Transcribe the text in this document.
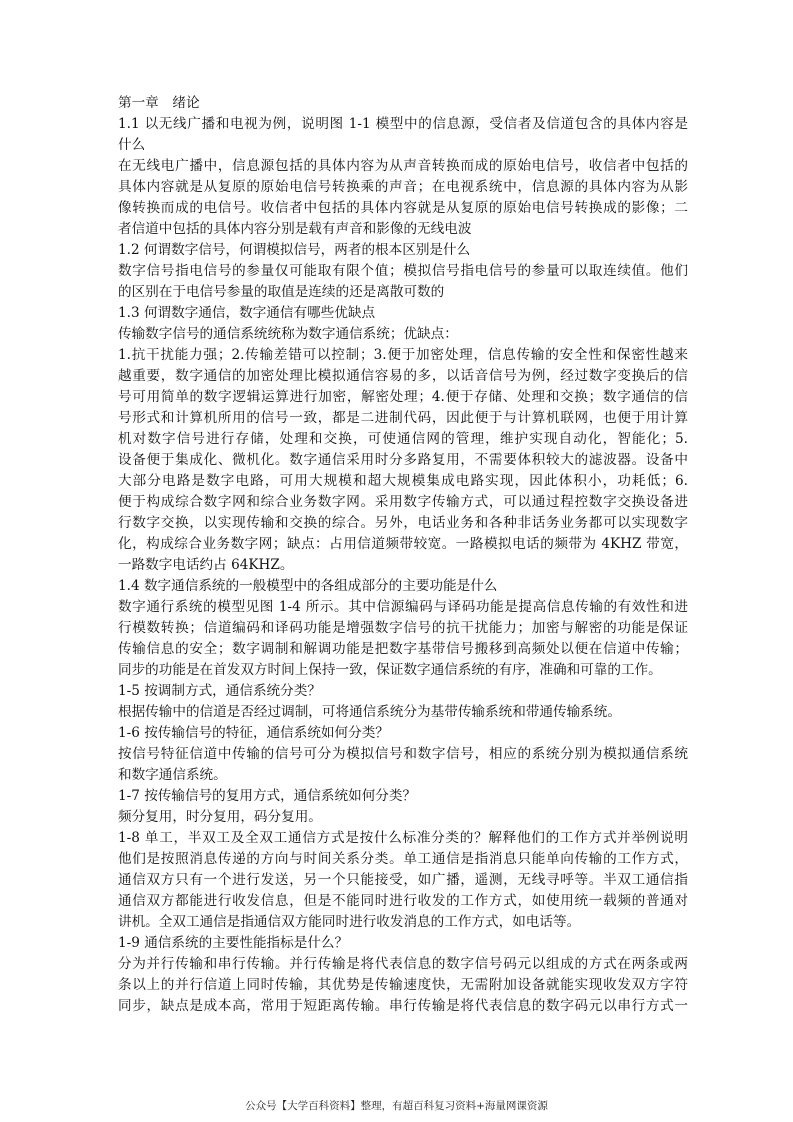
第一章　绪论
1.1 以无线广播和电视为例，说明图 1-1 模型中的信息源，受信者及信道包含的具体内容是
什么
在无线电广播中，信息源包括的具体内容为从声音转换而成的原始电信号，收信者中包括的
具体内容就是从复原的原始电信号转换乘的声音；在电视系统中，信息源的具体内容为从影
像转换而成的电信号。收信者中包括的具体内容就是从复原的原始电信号转换成的影像；二
者信道中包括的具体内容分别是载有声音和影像的无线电波
1.2 何谓数字信号，何谓模拟信号，两者的根本区别是什么
数字信号指电信号的参量仅可能取有限个值；模拟信号指电信号的参量可以取连续值。他们
的区别在于电信号参量的取值是连续的还是离散可数的
1.3 何谓数字通信，数字通信有哪些优缺点
传输数字信号的通信系统统称为数字通信系统；优缺点：
1.抗干扰能力强；2.传输差错可以控制；3.便于加密处理，信息传输的安全性和保密性越来
越重要，数字通信的加密处理比模拟通信容易的多，以话音信号为例，经过数字变换后的信
号可用简单的数字逻辑运算进行加密，解密处理；4.便于存储、处理和交换；数字通信的信
号形式和计算机所用的信号一致，都是二进制代码，因此便于与计算机联网，也便于用计算
机对数字信号进行存储，处理和交换，可使通信网的管理，维护实现自动化，智能化；5.
设备便于集成化、微机化。数字通信采用时分多路复用，不需要体积较大的滤波器。设备中
大部分电路是数字电路，可用大规模和超大规模集成电路实现，因此体积小，功耗低；6.
便于构成综合数字网和综合业务数字网。采用数字传输方式，可以通过程控数字交换设备进
行数字交换，以实现传输和交换的综合。另外，电话业务和各种非话务业务都可以实现数字
化，构成综合业务数字网；缺点：占用信道频带较宽。一路模拟电话的频带为 4KHZ 带宽，
一路数字电话约占 64KHZ。
1.4 数字通信系统的一般模型中的各组成部分的主要功能是什么
数字通行系统的模型见图 1-4 所示。其中信源编码与译码功能是提高信息传输的有效性和进
行模数转换；信道编码和译码功能是增强数字信号的抗干扰能力；加密与解密的功能是保证
传输信息的安全；数字调制和解调功能是把数字基带信号搬移到高频处以便在信道中传输；
同步的功能是在首发双方时间上保持一致，保证数字通信系统的有序，准确和可靠的工作。
1-5 按调制方式，通信系统分类？
根据传输中的信道是否经过调制，可将通信系统分为基带传输系统和带通传输系统。
1-6 按传输信号的特征，通信系统如何分类？
按信号特征信道中传输的信号可分为模拟信号和数字信号，相应的系统分别为模拟通信系统
和数字通信系统。
1-7 按传输信号的复用方式，通信系统如何分类？
频分复用，时分复用，码分复用。
1-8 单工，半双工及全双工通信方式是按什么标准分类的？解释他们的工作方式并举例说明
他们是按照消息传递的方向与时间关系分类。单工通信是指消息只能单向传输的工作方式，
通信双方只有一个进行发送，另一个只能接受，如广播，遥测，无线寻呼等。半双工通信指
通信双方都能进行收发信息，但是不能同时进行收发的工作方式，如使用统一载频的普通对
讲机。全双工通信是指通信双方能同时进行收发消息的工作方式，如电话等。
1-9 通信系统的主要性能指标是什么？
分为并行传输和串行传输。并行传输是将代表信息的数字信号码元以组成的方式在两条或两
条以上的并行信道上同时传输，其优势是传输速度快，无需附加设备就能实现收发双方字符
同步，缺点是成本高，常用于短距离传输。串行传输是将代表信息的数字码元以串行方式一
公众号【大学百科资料】整理，有超百科复习资料+海量网课资源
